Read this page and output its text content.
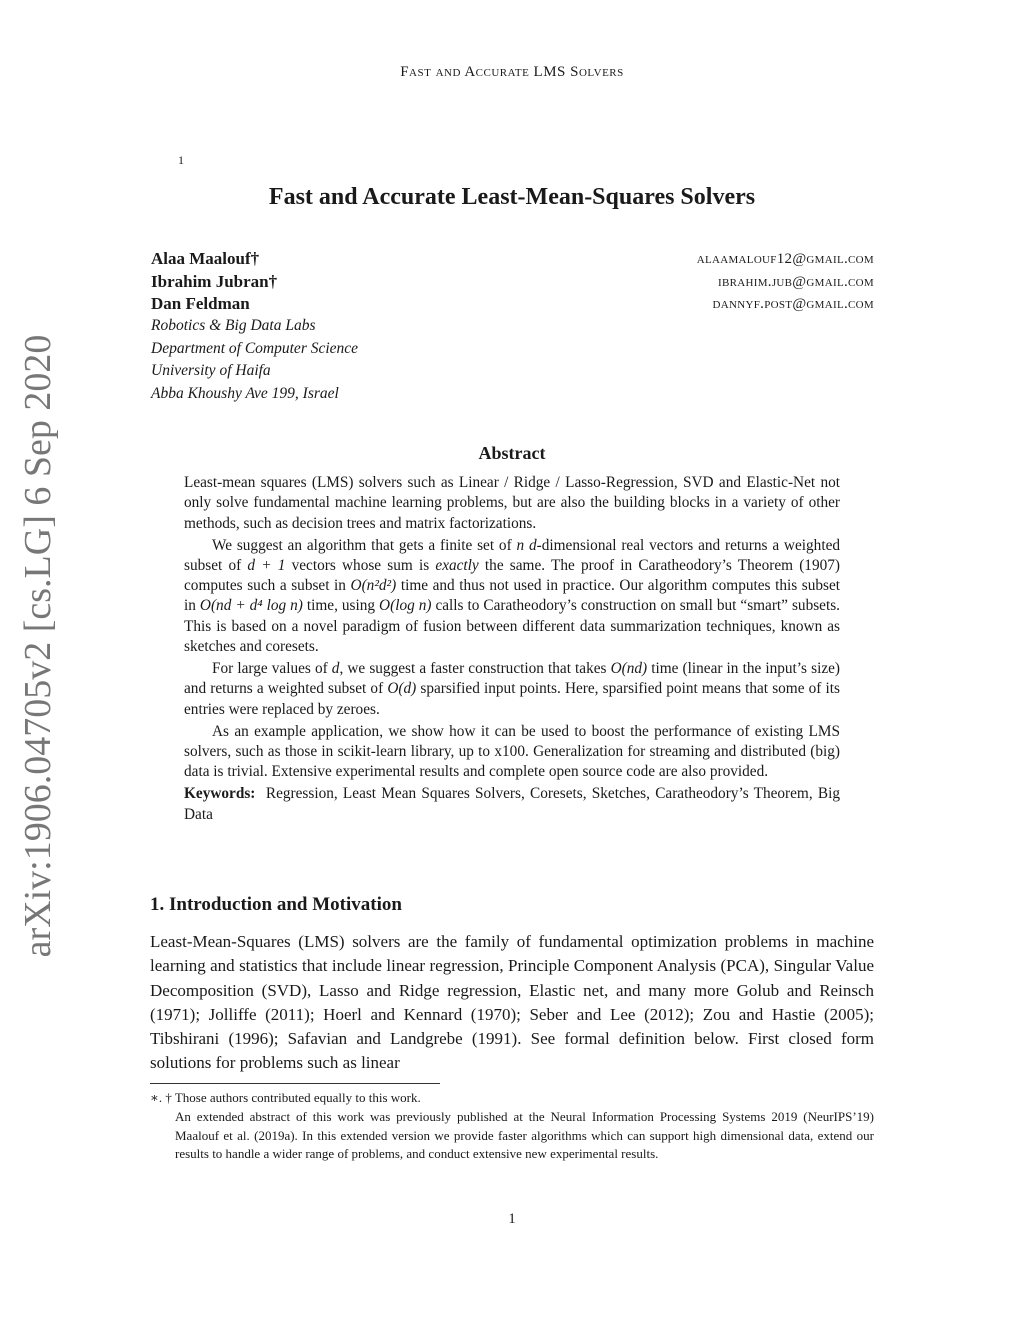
Fast and Accurate LMS Solvers
arXiv:1906.04705v2 [cs.LG] 6 Sep 2020
1
Fast and Accurate Least-Mean-Squares Solvers
Alaa Maalouf†	alaamalouf12@gmail.com
Ibrahim Jubran†	ibrahim.jub@gmail.com
Dan Feldman	dannyf.post@gmail.com
Robotics & Big Data Labs
Department of Computer Science
University of Haifa
Abba Khoushy Ave 199, Israel
Abstract

Least-mean squares (LMS) solvers such as Linear / Ridge / Lasso-Regression, SVD and Elastic-Net not only solve fundamental machine learning problems, but are also the building blocks in a variety of other methods, such as decision trees and matrix factorizations.

We suggest an algorithm that gets a finite set of n d-dimensional real vectors and returns a weighted subset of d + 1 vectors whose sum is exactly the same. The proof in Caratheodory’s Theorem (1907) computes such a subset in O(n²d²) time and thus not used in practice. Our algorithm computes this subset in O(nd + d⁴ log n) time, using O(log n) calls to Caratheodory’s construction on small but “smart” subsets. This is based on a novel paradigm of fusion between different data summarization techniques, known as sketches and coresets.

For large values of d, we suggest a faster construction that takes O(nd) time (linear in the input’s size) and returns a weighted subset of O(d) sparsified input points. Here, sparsified point means that some of its entries were replaced by zeroes.

As an example application, we show how it can be used to boost the performance of existing LMS solvers, such as those in scikit-learn library, up to x100. Generalization for streaming and distributed (big) data is trivial. Extensive experimental results and complete open source code are also provided.

Keywords: Regression, Least Mean Squares Solvers, Coresets, Sketches, Caratheodory’s Theorem, Big Data

1. Introduction and Motivation

Least-Mean-Squares (LMS) solvers are the family of fundamental optimization problems in machine learning and statistics that include linear regression, Principle Component Analysis (PCA), Singular Value Decomposition (SVD), Lasso and Ridge regression, Elastic net, and many more Golub and Reinsch (1971); Jolliffe (2011); Hoerl and Kennard (1970); Seber and Lee (2012); Zou and Hastie (2005); Tibshirani (1996); Safavian and Landgrebe (1991). See formal definition below. First closed form solutions for problems such as linear

∗. † Those authors contributed equally to this work.

An extended abstract of this work was previously published at the Neural Information Processing Systems 2019 (NeurIPS’19) Maalouf et al. (2019a). In this extended version we provide faster algorithms which can support high dimensional data, extend our results to handle a wider range of problems, and conduct extensive new experimental results.

1
